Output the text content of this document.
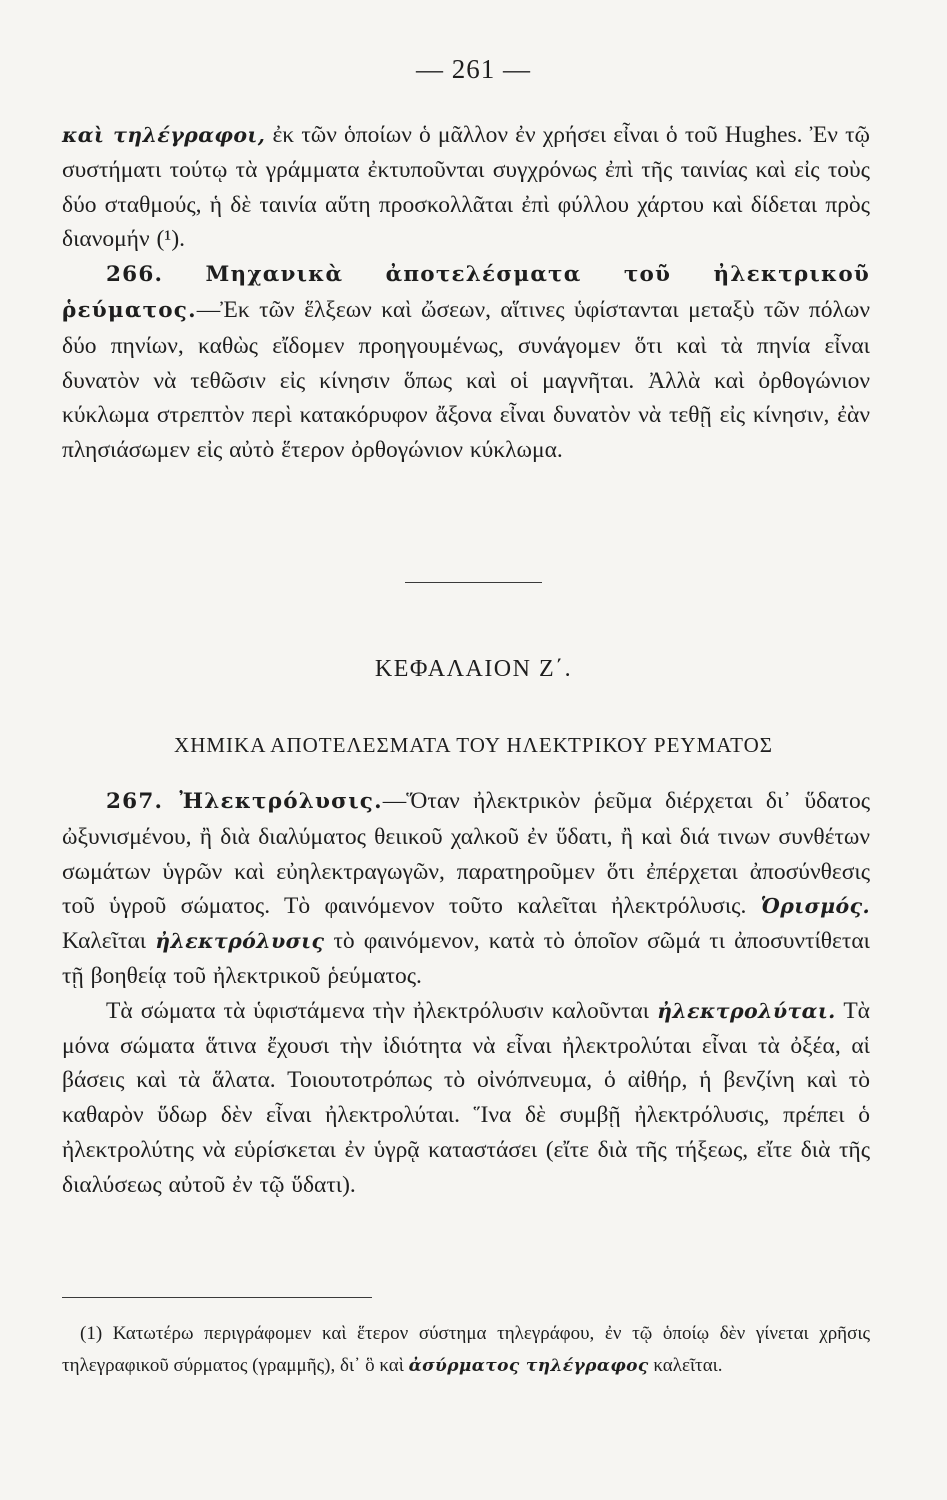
— 261 —
καὶ τηλέγραφοι, ἐκ τῶν ὁποίων ὁ μᾶλλον ἐν χρήσει εἶναι ὁ τοῦ Hughes. Ἐν τῷ συστήματι τούτῳ τὰ γράμματα ἐκτυποῦνται συγχρόνως ἐπὶ τῆς ταινίας καὶ εἰς τοὺς δύο σταθμούς, ἡ δὲ ταινία αὕτη προσκολλᾶται ἐπὶ φύλλου χάρτου καὶ δίδεται πρὸς διανομήν (¹).
266. Μηχανικὰ ἀποτελέσματα τοῦ ἠλεκτρικοῦ ῥεύματος.—Ἐκ τῶν ἕλξεων καὶ ὤσεων, αἵτινες ὑφίστανται μεταξὺ τῶν πόλων δύο πηνίων, καθὼς εἴδομεν προηγουμένως, συνάγομεν ὅτι καὶ τὰ πηνία εἶναι δυνατὸν νὰ τεθῶσιν εἰς κίνησιν ὅπως καὶ οἱ μαγνῆται. Ἀλλὰ καὶ ὀρθογώνιον κύκλωμα στρεπτὸν περὶ κατακόρυφον ἄξονα εἶναι δυνατὸν νὰ τεθῇ εἰς κίνησιν, ἐὰν πλησιάσωμεν εἰς αὐτὸ ἕτερον ὀρθογώνιον κύκλωμα.
ΚΕΦΑΛΑΙΟΝ Ζ΄.
ΧΗΜΙΚΑ ΑΠΟΤΕΛΕΣΜΑΤΑ ΤΟΥ ΗΛΕΚΤΡΙΚΟΥ ΡΕΥΜΑΤΟΣ
267. Ἠλεκτρόλυσις.—Ὅταν ἠλεκτρικὸν ῥεῦμα διέρχεται δι᾿ ὕδατος ὠξυνισμένου, ἢ διὰ διαλύματος θειικοῦ χαλκοῦ ἐν ὕδατι, ἢ καὶ διά τινων συνθέτων σωμάτων ὑγρῶν καὶ εὐηλεκτραγωγῶν, παρατηροῦμεν ὅτι ἐπέρχεται ἀποσύνθεσις τοῦ ὑγροῦ σώματος. Τὸ φαινόμενον τοῦτο καλεῖται ἠλεκτρόλυσις. Ὁρισμός. Καλεῖται ἠλεκτρόλυσις τὸ φαινόμενον, κατὰ τὸ ὁποῖον σῶμά τι ἀποσυντίθεται τῇ βοηθείᾳ τοῦ ἠλεκτρικοῦ ῥεύματος.
Τὰ σώματα τὰ ὑφιστάμενα τὴν ἠλεκτρόλυσιν καλοῦνται ἠλεκτρολύται. Τὰ μόνα σώματα ἅτινα ἔχουσι τὴν ἰδιότητα νὰ εἶναι ἠλεκτρολύται εἶναι τὰ ὀξέα, αἱ βάσεις καὶ τὰ ἅλατα. Τοιουτοτρόπως τὸ οἰνόπνευμα, ὁ αἰθήρ, ἡ βενζίνη καὶ τὸ καθαρὸν ὕδωρ δὲν εἶναι ἠλεκτρολύται. Ἵνα δὲ συμβῇ ἠλεκτρόλυσις, πρέπει ὁ ἠλεκτρολύτης νὰ εὑρίσκεται ἐν ὑγρᾷ καταστάσει (εἴτε διὰ τῆς τήξεως, εἴτε διὰ τῆς διαλύσεως αὐτοῦ ἐν τῷ ὕδατι).
(1) Κατωτέρω περιγράφομεν καὶ ἕτερον σύστημα τηλεγράφου, ἐν τῷ ὁποίῳ δὲν γίνεται χρῆσις τηλεγραφικοῦ σύρματος (γραμμῆς), δι᾿ ὃ καὶ ἀσύρματος τηλέγραφος καλεῖται.
